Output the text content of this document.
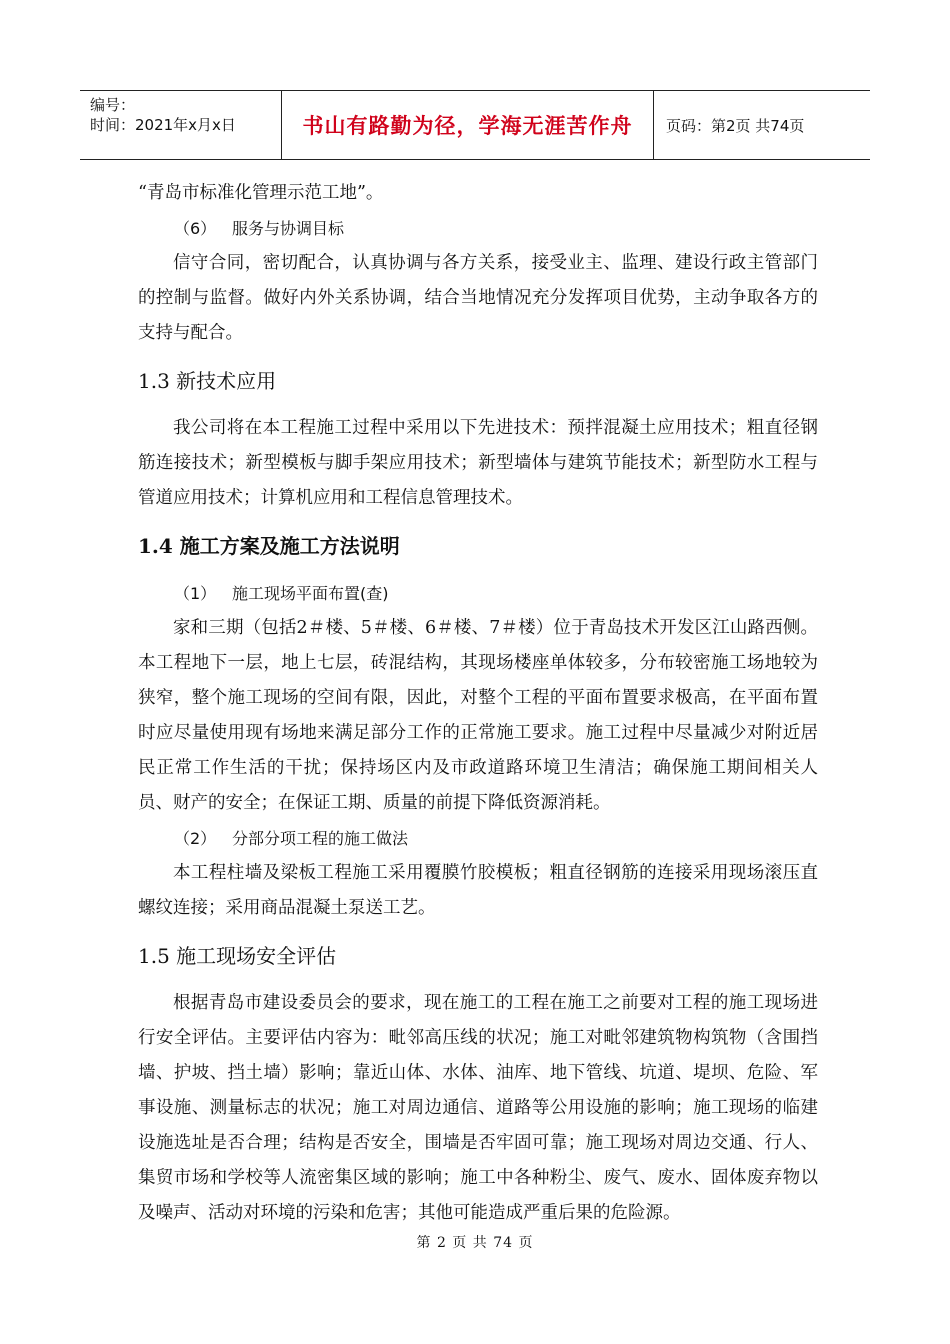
编号：
时间：2021年x月x日	书山有路勤为径，学海无涯苦作舟	页码：第2页 共74页

“青岛市标准化管理示范工地”。

（6） 服务与协调目标

信守合同，密切配合，认真协调与各方关系，接受业主、监理、建设行政主管部门的控制与监督。做好内外关系协调，结合当地情况充分发挥项目优势，主动争取各方的支持与配合。

1.3 新技术应用

我公司将在本工程施工过程中采用以下先进技术：预拌混凝土应用技术；粗直径钢筋连接技术；新型模板与脚手架应用技术；新型墙体与建筑节能技术；新型防水工程与管道应用技术；计算机应用和工程信息管理技术。

1.4 施工方案及施工方法说明

（1） 施工现场平面布置(查)

家和三期（包括2＃楼、5＃楼、6＃楼、7＃楼）位于青岛技术开发区江山路西侧。本工程地下一层，地上七层，砖混结构，其现场楼座单体较多，分布较密施工场地较为狭窄，整个施工现场的空间有限，因此，对整个工程的平面布置要求极高，在平面布置时应尽量使用现有场地来满足部分工作的正常施工要求。施工过程中尽量减少对附近居民正常工作生活的干扰；保持场区内及市政道路环境卫生清洁；确保施工期间相关人员、财产的安全；在保证工期、质量的前提下降低资源消耗。

（2） 分部分项工程的施工做法

本工程柱墙及梁板工程施工采用覆膜竹胶模板；粗直径钢筋的连接采用现场滚压直螺纹连接；采用商品混凝土泵送工艺。

1.5 施工现场安全评估

根据青岛市建设委员会的要求，现在施工的工程在施工之前要对工程的施工现场进行安全评估。主要评估内容为：毗邻高压线的状况；施工对毗邻建筑物构筑物（含围挡墙、护坡、挡土墙）影响；靠近山体、水体、油库、地下管线、坑道、堤坝、危险、军事设施、测量标志的状况；施工对周边通信、道路等公用设施的影响；施工现场的临建设施选址是否合理；结构是否安全，围墙是否牢固可靠；施工现场对周边交通、行人、集贸市场和学校等人流密集区域的影响；施工中各种粉尘、废气、废水、固体废弃物以及噪声、活动对环境的污染和危害；其他可能造成严重后果的危险源。

第 2 页 共 74 页
